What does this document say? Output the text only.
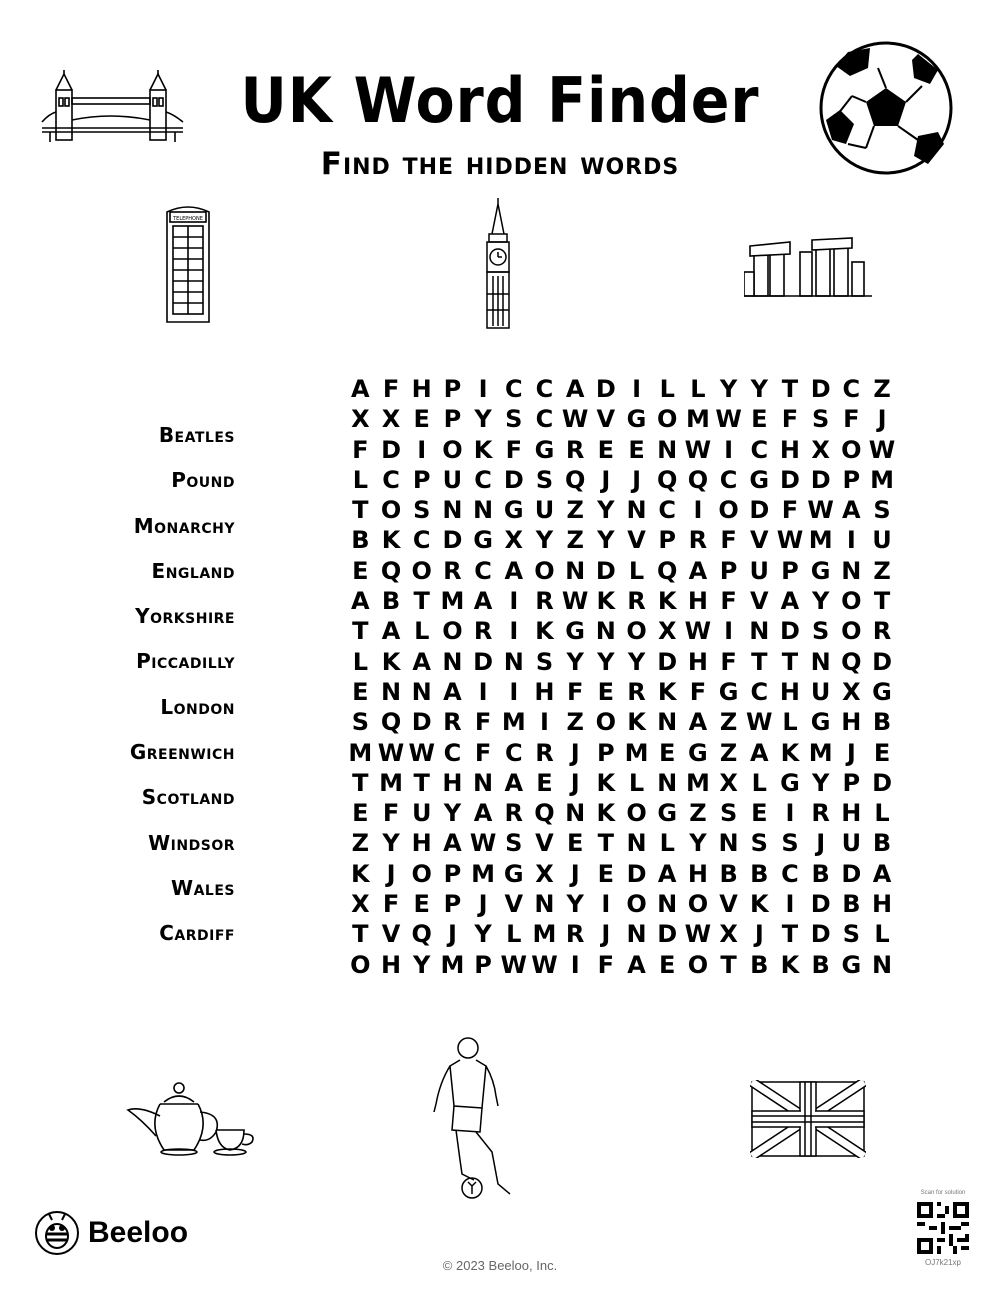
UK Word Finder
Find the hidden words
TELEPHONE
Beatles
Pound
Monarchy
England
Yorkshire
Piccadilly
London
Greenwich
Scotland
Windsor
Wales
Cardiff
A F H P I C C A D I L L Y Y T D C Z
X X E P Y S C W V G O M W E F S F J
F D I O K F G R E E N W I C H X O W
L C P U C D S Q J J Q Q C G D D P M
T O S N N G U Z Y N C I O D F W A S
B K C D G X Y Z Y V P R F V W M I U
E Q O R C A O N D L Q A P U P G N Z
A B T M A I R W K R K H F V A Y O T
T A L O R I K G N O X W I N D S O R
L K A N D N S Y Y Y D H F T T N Q D
E N N A I I H F E R K F G C H U X G
S Q D R F M I Z O K N A Z W L G H B
M W W C F C R J P M E G Z A K M J E
T M T H N A E J K L N M X L G Y P D
E F U Y A R Q N K O G Z S E I R H L
Z Y H A W S V E T N L Y N S S J U B
K J O P M G X J E D A H B B C B D A
X F E P J V N Y I O N O V K I D B H
T V Q J Y L M R J N D W X J T D S L
O H Y M P W W I F A E O T B K B G N
Beeloo
© 2023 Beeloo, Inc.
Scan for solution
OJ7k21xp
